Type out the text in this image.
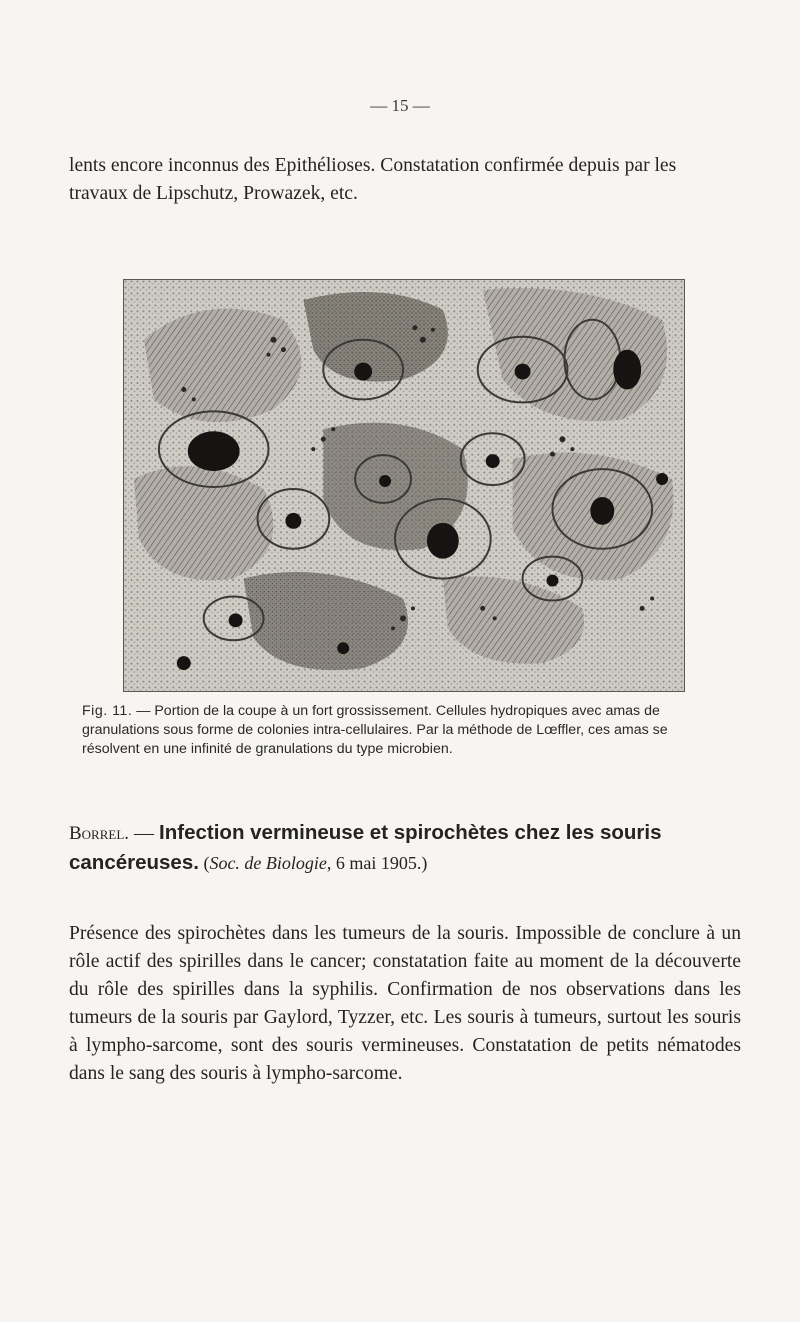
— 15 —
lents encore inconnus des Epithélioses. Constatation confirmée depuis par les
travaux de Lipschutz, Prowazek, etc.
Fig. 11. — Portion de la coupe à un fort grossissement. Cellules hydropiques avec amas de granulations sous forme de colonies intra-cellulaires. Par la méthode de Lœffler, ces amas se résolvent en une infinité de granulations du type microbien.
Borrel. — Infection vermineuse et spirochètes chez les souris cancéreuses. (Soc. de Biologie, 6 mai 1905.)

Présence des spirochètes dans les tumeurs de la souris. Impossible de conclure à un rôle actif des spirilles dans le cancer; constatation faite au moment de la découverte du rôle des spirilles dans la syphilis. Confirmation de nos observations dans les tumeurs de la souris par Gaylord, Tyzzer, etc. Les souris à tumeurs, surtout les souris à lympho-sarcome, sont des souris vermineuses. Constatation de petits nématodes dans le sang des souris à lympho-sarcome.
